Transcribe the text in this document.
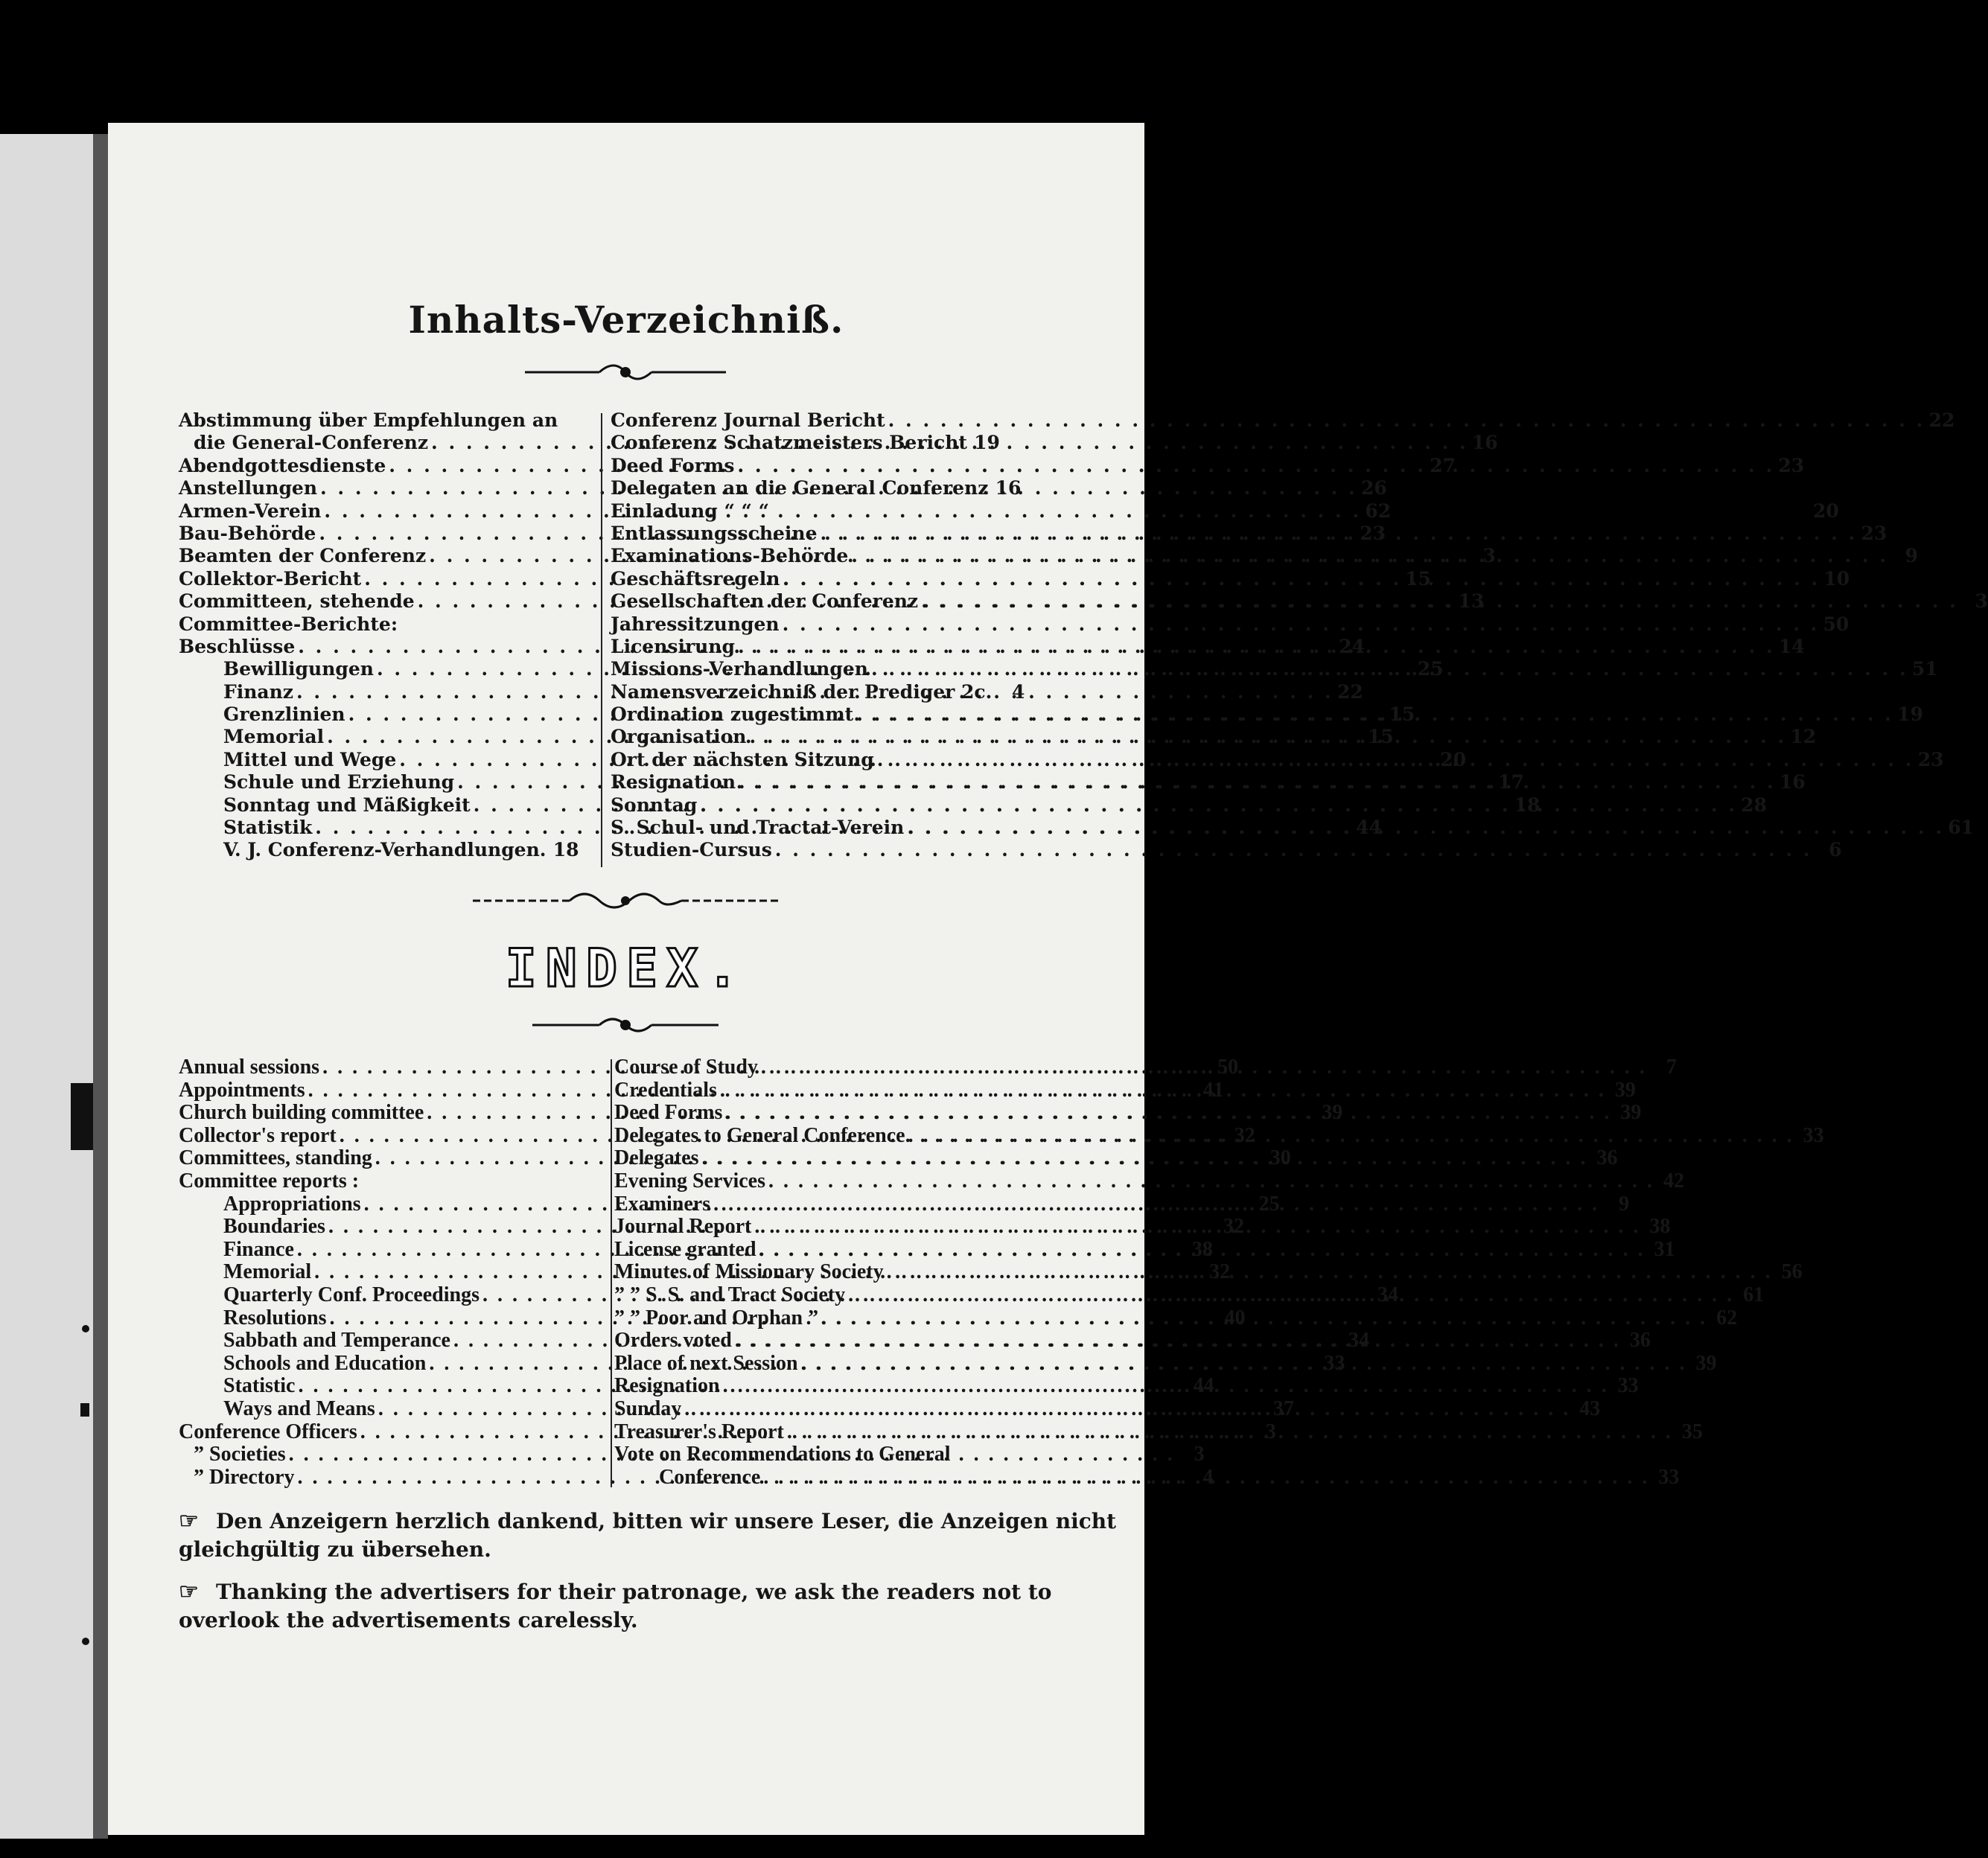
Inhalts-Verzeichniß.
Abstimmung über Empfehlungen an
die General-Conferenz . . .	16
Abendgottesdienste . . .	27
Anstellungen . . .	26
Armen-Verein . . .	62
Bau-Behörde . . .	23
Beamten der Conferenz . . .	3
Collektor-Bericht . . .	15
Committeen, stehende . . .	13
Committee-Berichte:
Beschlüsse . . .	24
Bewilligungen . . .	25
Finanz . . .	22
Grenzlinien . . .	15
Memorial . . .	15
Mittel und Wege . . .	20
Schule und Erziehung . . .	17
Sonntag und Mäßigkeit . . .	18
Statistik . . .	44
V. J. Conferenz-Verhandlungen. 18
Conferenz Journal Bericht . . .	22
Conferenz Schatzmeisters Bericht 19
Deed Forms . . .	23
Delegaten an die General Conferenz 16
Einladung “ “ “	20
Entlassungsscheine . . .	23
Examinations-Behörde . . .	9
Geschäftsregeln . . .	10
Gesellschaften der Conferenz . . .	3
Jahressitzungen . . .	50
Licensirung . . .	14
Missions-Verhandlungen . . .	51
Namensverzeichniß der Prediger 2c.	4
Ordination zugestimmt . . .	19
Organisation . . .	12
Ort der nächsten Sitzung . . .	23
Resignation . . .	16
Sonntag . . .	28
S. Schul- und Tractat-Verein . . .	61
Studien-Cursus . . .	6
INDEX.
Annual sessions . . .	50
Appointments . . .	41
Church building committee . . .	39
Collector's report . . .	32
Committees, standing . . .	30
Committee reports :
Appropriations . . .	25
Boundaries . . .	32
Finance . . .	38
Memorial . . .	32
Quarterly Conf. Proceedings . . .	34
Resolutions . . .	40
Sabbath and Temperance . . .	34
Schools and Education . . .	33
Statistic . . .	44
Ways and Means . . .	37
Conference Officers . . .	3
” Societies . . .	3
” Directory . . .	4
Course of Study . . .	7
Credentials . . .	39
Deed Forms . . .	39
Delegates to General Conference . . .	33
Delegates . . .	36
Evening Services . . .	42
Examiners . . .	9
Journal Report . . .	38
License granted . . .	31
Minutes of Missionary Society . . .	56
” ” S. S. and Tract Society . . .	61
” ” Poor and Orphan ” . . .	62
Orders voted . . .	36
Place of next Session . . .	39
Resignation . . .	33
Sunday . . .	43
Treasurer's Report . . .	35
Vote on Recommendations to General
Conference . . .	33
☞ Den Anzeigern herzlich dankend, bitten wir unsere Leser, die Anzeigen nicht gleichgültig zu übersehen.
☞ Thanking the advertisers for their patronage, we ask the readers not to overlook the advertisements carelessly.
